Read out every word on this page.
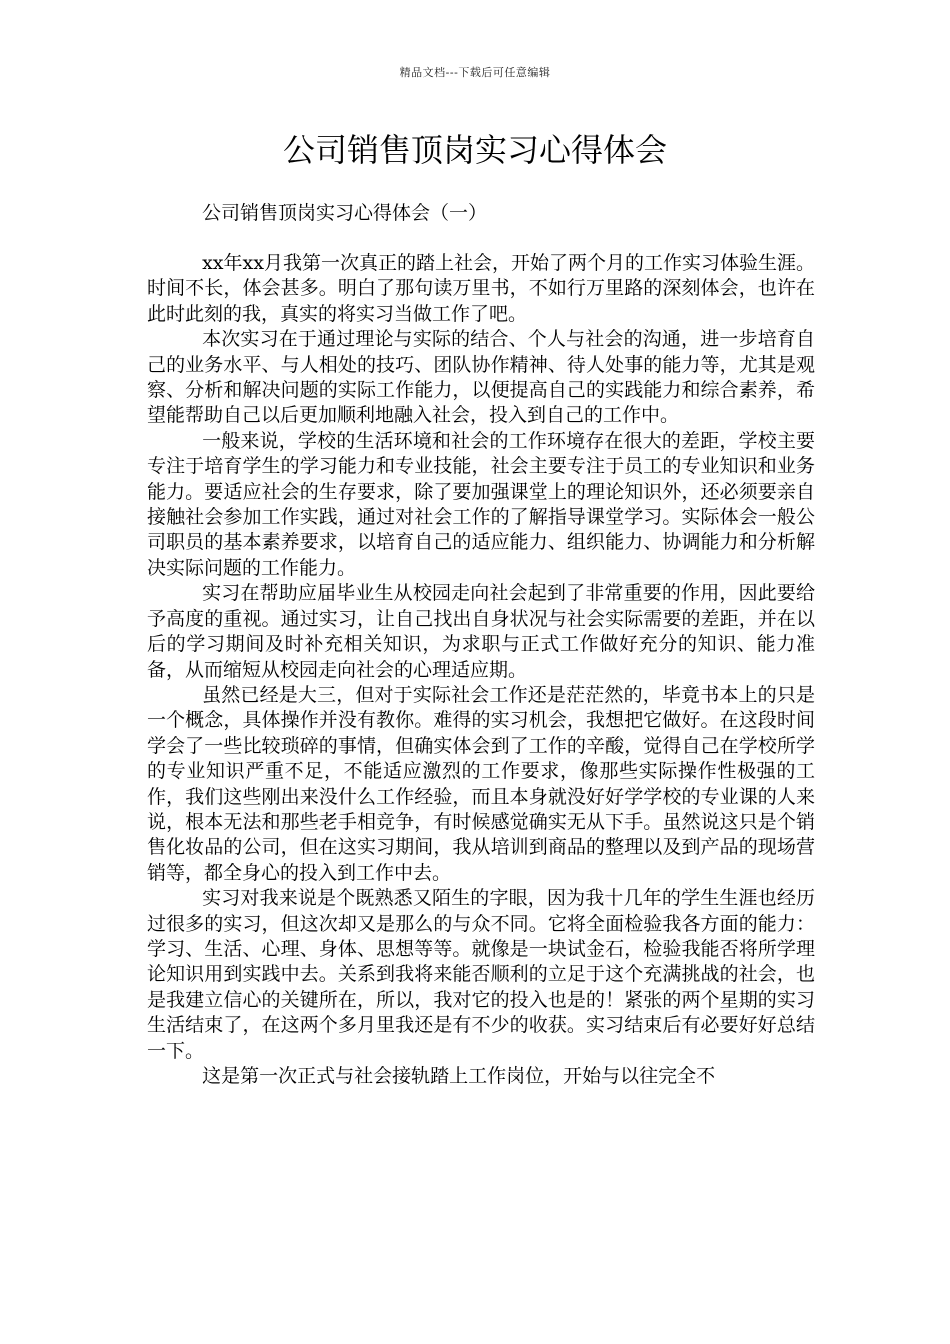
精品文档---下载后可任意编辑
公司销售顶岗实习心得体会

公司销售顶岗实习心得体会（一）

xx年xx月我第一次真正的踏上社会，开始了两个月的工作实习体验生涯。时间不长，体会甚多。明白了那句读万里书，不如行万里路的深刻体会，也许在此时此刻的我，真实的将实习当做工作了吧。

本次实习在于通过理论与实际的结合、个人与社会的沟通，进一步培育自己的业务水平、与人相处的技巧、团队协作精神、待人处事的能力等，尤其是观察、分析和解决问题的实际工作能力，以便提高自己的实践能力和综合素养，希望能帮助自己以后更加顺利地融入社会，投入到自己的工作中。

一般来说，学校的生活环境和社会的工作环境存在很大的差距，学校主要专注于培育学生的学习能力和专业技能，社会主要专注于员工的专业知识和业务能力。要适应社会的生存要求，除了要加强课堂上的理论知识外，还必须要亲自接触社会参加工作实践，通过对社会工作的了解指导课堂学习。实际体会一般公司职员的基本素养要求，以培育自己的适应能力、组织能力、协调能力和分析解决实际问题的工作能力。

实习在帮助应届毕业生从校园走向社会起到了非常重要的作用，因此要给予高度的重视。通过实习，让自己找出自身状况与社会实际需要的差距，并在以后的学习期间及时补充相关知识，为求职与正式工作做好充分的知识、能力准备，从而缩短从校园走向社会的心理适应期。

虽然已经是大三，但对于实际社会工作还是茫茫然的，毕竟书本上的只是一个概念，具体操作并没有教你。难得的实习机会，我想把它做好。在这段时间学会了一些比较琐碎的事情，但确实体会到了工作的辛酸，觉得自己在学校所学的专业知识严重不足，不能适应激烈的工作要求，像那些实际操作性极强的工作，我们这些刚出来没什么工作经验，而且本身就没好好学学校的专业课的人来说，根本无法和那些老手相竞争，有时候感觉确实无从下手。虽然说这只是个销售化妆品的公司，但在这实习期间，我从培训到商品的整理以及到产品的现场营销等，都全身心的投入到工作中去。

实习对我来说是个既熟悉又陌生的字眼，因为我十几年的学生生涯也经历过很多的实习，但这次却又是那么的与众不同。它将全面检验我各方面的能力：学习、生活、心理、身体、思想等等。就像是一块试金石，检验我能否将所学理论知识用到实践中去。关系到我将来能否顺利的立足于这个充满挑战的社会，也是我建立信心的关键所在，所以，我对它的投入也是的！紧张的两个星期的实习生活结束了，在这两个多月里我还是有不少的收获。实习结束后有必要好好总结一下。

这是第一次正式与社会接轨踏上工作岗位，开始与以往完全不
